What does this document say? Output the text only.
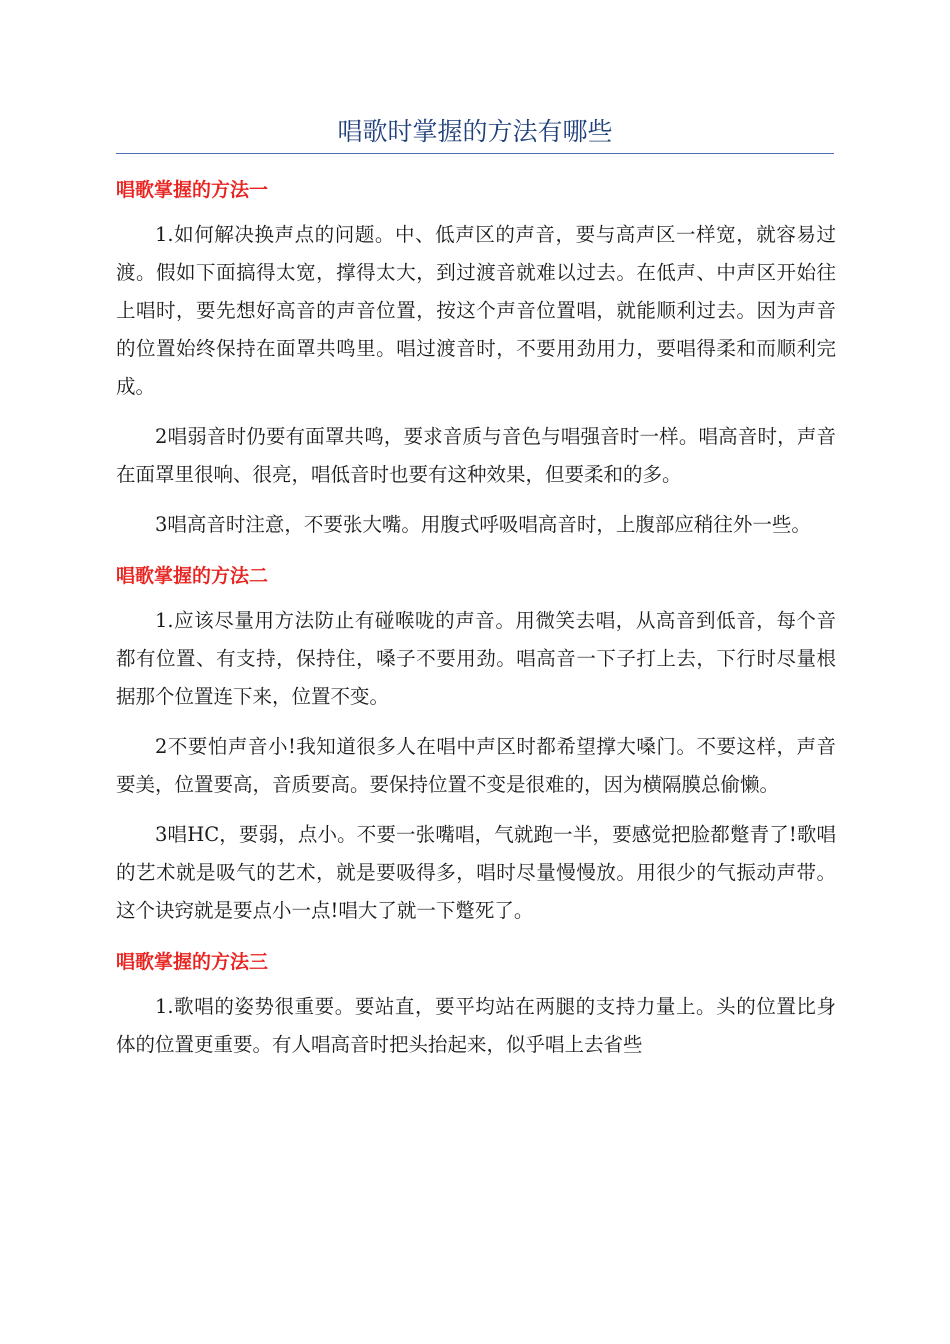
唱歌时掌握的方法有哪些
唱歌掌握的方法一

1.如何解决换声点的问题。中、低声区的声音，要与高声区一样宽，就容易过渡。假如下面搞得太宽，撑得太大，到过渡音就难以过去。在低声、中声区开始往上唱时，要先想好高音的声音位置，按这个声音位置唱，就能顺利过去。因为声音的位置始终保持在面罩共鸣里。唱过渡音时，不要用劲用力，要唱得柔和而顺利完成。

2唱弱音时仍要有面罩共鸣，要求音质与音色与唱强音时一样。唱高音时，声音在面罩里很响、很亮，唱低音时也要有这种效果，但要柔和的多。

3唱高音时注意，不要张大嘴。用腹式呼吸唱高音时，上腹部应稍往外一些。

唱歌掌握的方法二

1.应该尽量用方法防止有碰喉咙的声音。用微笑去唱，从高音到低音，每个音都有位置、有支持，保持住，嗓子不要用劲。唱高音一下子打上去，下行时尽量根据那个位置连下来，位置不变。

2不要怕声音小!我知道很多人在唱中声区时都希望撑大嗓门。不要这样，声音要美，位置要高，音质要高。要保持位置不变是很难的，因为横隔膜总偷懒。

3唱HC，要弱，点小。不要一张嘴唱，气就跑一半，要感觉把脸都蹩青了!歌唱的艺术就是吸气的艺术，就是要吸得多，唱时尽量慢慢放。用很少的气振动声带。这个诀窍就是要点小一点!唱大了就一下蹩死了。

唱歌掌握的方法三

1.歌唱的姿势很重要。要站直，要平均站在两腿的支持力量上。头的位置比身体的位置更重要。有人唱高音时把头抬起来，似乎唱上去省些
